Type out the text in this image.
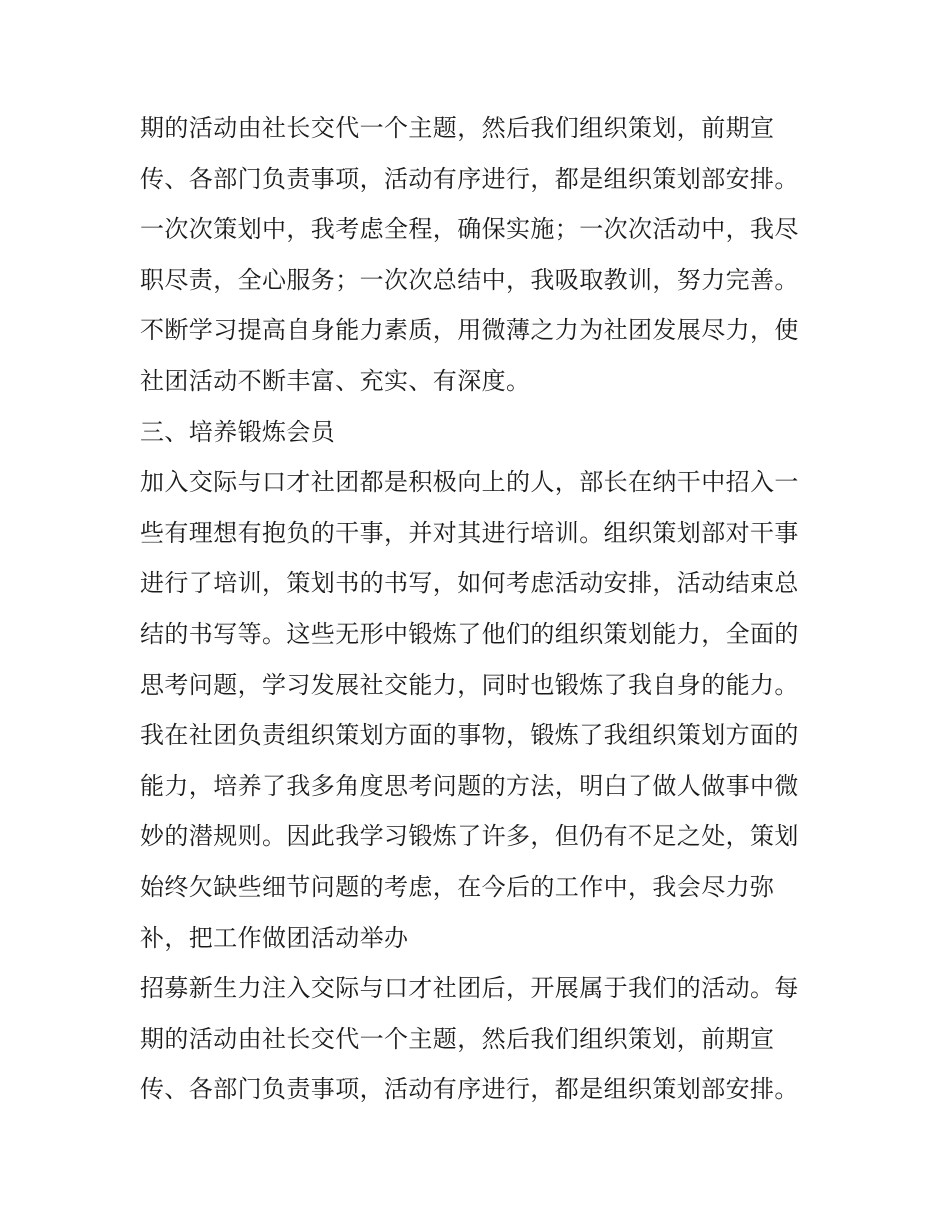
期的活动由社长交代一个主题，然后我们组织策划，前期宣
传、各部门负责事项，活动有序进行，都是组织策划部安排。
一次次策划中，我考虑全程，确保实施；一次次活动中，我尽
职尽责，全心服务；一次次总结中，我吸取教训，努力完善。
不断学习提高自身能力素质，用微薄之力为社团发展尽力，使
社团活动不断丰富、充实、有深度。
三、培养锻炼会员
加入交际与口才社团都是积极向上的人，部长在纳干中招入一
些有理想有抱负的干事，并对其进行培训。组织策划部对干事
进行了培训，策划书的书写，如何考虑活动安排，活动结束总
结的书写等。这些无形中锻炼了他们的组织策划能力，全面的
思考问题，学习发展社交能力，同时也锻炼了我自身的能力。
我在社团负责组织策划方面的事物，锻炼了我组织策划方面的
能力，培养了我多角度思考问题的方法，明白了做人做事中微
妙的潜规则。因此我学习锻炼了许多，但仍有不足之处，策划
始终欠缺些细节问题的考虑，在今后的工作中，我会尽力弥
补，把工作做团活动举办
招募新生力注入交际与口才社团后，开展属于我们的活动。每
期的活动由社长交代一个主题，然后我们组织策划，前期宣
传、各部门负责事项，活动有序进行，都是组织策划部安排。
